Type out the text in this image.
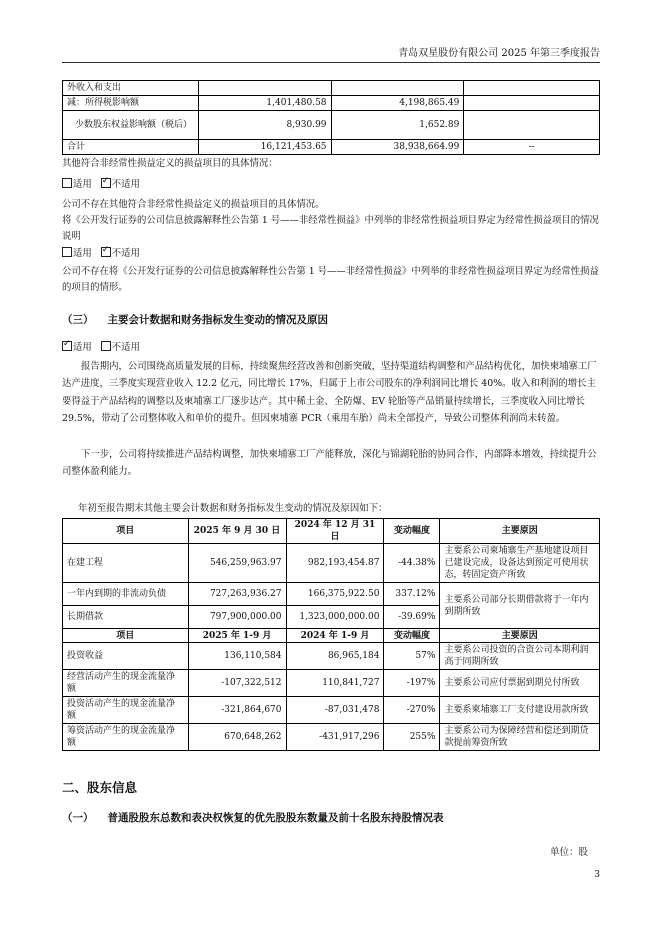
青岛双星股份有限公司 2025 年第三季度报告
外收入和支出			
减：所得税影响额	1,401,480.58	4,198,865.49	
少数股东权益影响额（税后）	8,930.99	1,652.89	
合计	16,121,453.65	38,938,664.99	--
其他符合非经常性损益定义的损益项目的具体情况：
适用 ✓ 不适用
公司不存在其他符合非经常性损益定义的损益项目的具体情况。
将《公开发行证券的公司信息披露解释性公告第 1 号——非经常性损益》中列举的非经常性损益项目界定为经常性损益项目的情况说明
适用 ✓ 不适用
公司不存在将《公开发行证券的公司信息披露解释性公告第 1 号——非经常性损益》中列举的非经常性损益项目界定为经常性损益的项目的情形。
（三） 主要会计数据和财务指标发生变动的情况及原因
✓适用 不适用
报告期内，公司围绕高质量发展的目标，持续聚焦经营改善和创新突破，坚持渠道结构调整和产品结构优化，加快柬埔寨工厂达产进度，三季度实现营业收入 12.2 亿元，同比增长 17%，归属于上市公司股东的净利润同比增长 40%。收入和利润的增长主要得益于产品结构的调整以及柬埔寨工厂逐步达产。其中稀土金、全防爆、EV 轮胎等产品销量持续增长，三季度收入同比增长 29.5%，带动了公司整体收入和单价的提升。但因柬埔寨 PCR（乘用车胎）尚未全部投产，导致公司整体利润尚未转盈。
下一步，公司将持续推进产品结构调整，加快柬埔寨工厂产能释放，深化与锦湖轮胎的协同合作，内部降本增效，持续提升公司整体盈利能力。
年初至报告期末其他主要会计数据和财务指标发生变动的情况及原因如下：
项目	2025 年 9 月 30 日	2024 年 12 月 31 日	变动幅度	主要原因
在建工程	546,259,963.97	982,193,454.87	-44.38%	主要系公司柬埔寨生产基地建设项目已建设完成，设备达到预定可使用状态，转固定资产所致
一年内到期的非流动负债	727,263,936.27	166,375,922.50	337.12%	主要系公司部分长期借款将于一年内到期所致
长期借款	797,900,000.00	1,323,000,000.00	-39.69%	
项目	2025 年 1-9 月	2024 年 1-9 月	变动幅度	主要原因
投资收益	136,110,584	86,965,184	57%	主要系公司投资的合资公司本期利润高于同期所致
经营活动产生的现金流量净额	-107,322,512	110,841,727	-197%	主要系公司应付票据到期兑付所致
投资活动产生的现金流量净额	-321,864,670	-87,031,478	-270%	主要系柬埔寨工厂支付建设用款所致
筹资活动产生的现金流量净额	670,648,262	-431,917,296	255%	主要系公司为保障经营和偿还到期贷款提前筹资所致
二、股东信息
（一） 普通股股东总数和表决权恢复的优先股股东数量及前十名股东持股情况表
单位：股
3
